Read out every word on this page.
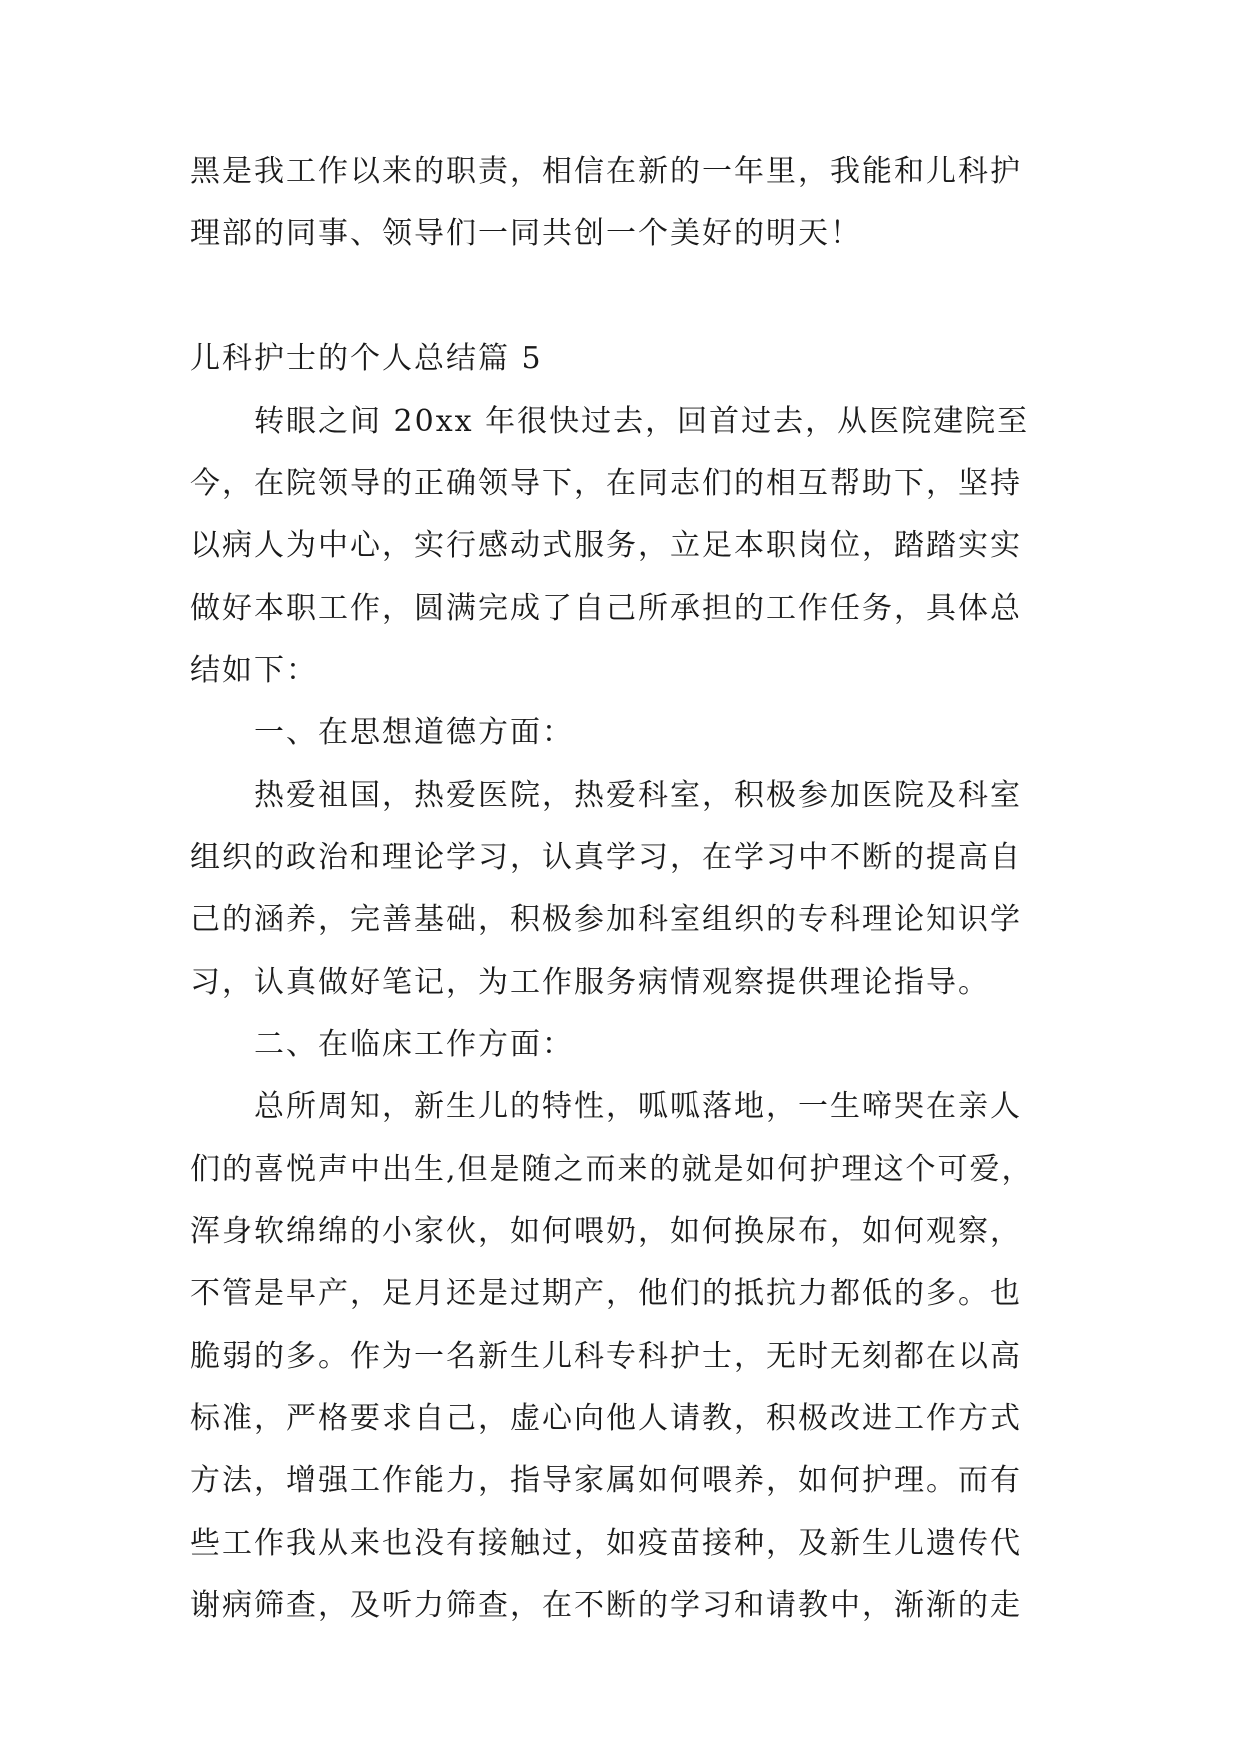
黑是我工作以来的职责，相信在新的一年里，我能和儿科护
理部的同事、领导们一同共创一个美好的明天！
儿科护士的个人总结篇 5
转眼之间 20xx 年很快过去，回首过去，从医院建院至
今，在院领导的正确领导下，在同志们的相互帮助下，坚持
以病人为中心，实行感动式服务，立足本职岗位，踏踏实实
做好本职工作，圆满完成了自己所承担的工作任务，具体总
结如下：
一、在思想道德方面：
热爱祖国，热爱医院，热爱科室，积极参加医院及科室
组织的政治和理论学习，认真学习，在学习中不断的提高自
己的涵养，完善基础，积极参加科室组织的专科理论知识学
习，认真做好笔记，为工作服务病情观察提供理论指导。
二、在临床工作方面：
总所周知，新生儿的特性，呱呱落地，一生啼哭在亲人
们的喜悦声中出生,但是随之而来的就是如何护理这个可爱，
浑身软绵绵的小家伙，如何喂奶，如何换尿布，如何观察，
不管是早产，足月还是过期产，他们的抵抗力都低的多。也
脆弱的多。作为一名新生儿科专科护士，无时无刻都在以高
标准，严格要求自己，虚心向他人请教，积极改进工作方式
方法，增强工作能力，指导家属如何喂养，如何护理。而有
些工作我从来也没有接触过，如疫苗接种，及新生儿遗传代
谢病筛查，及听力筛查，在不断的学习和请教中，渐渐的走
